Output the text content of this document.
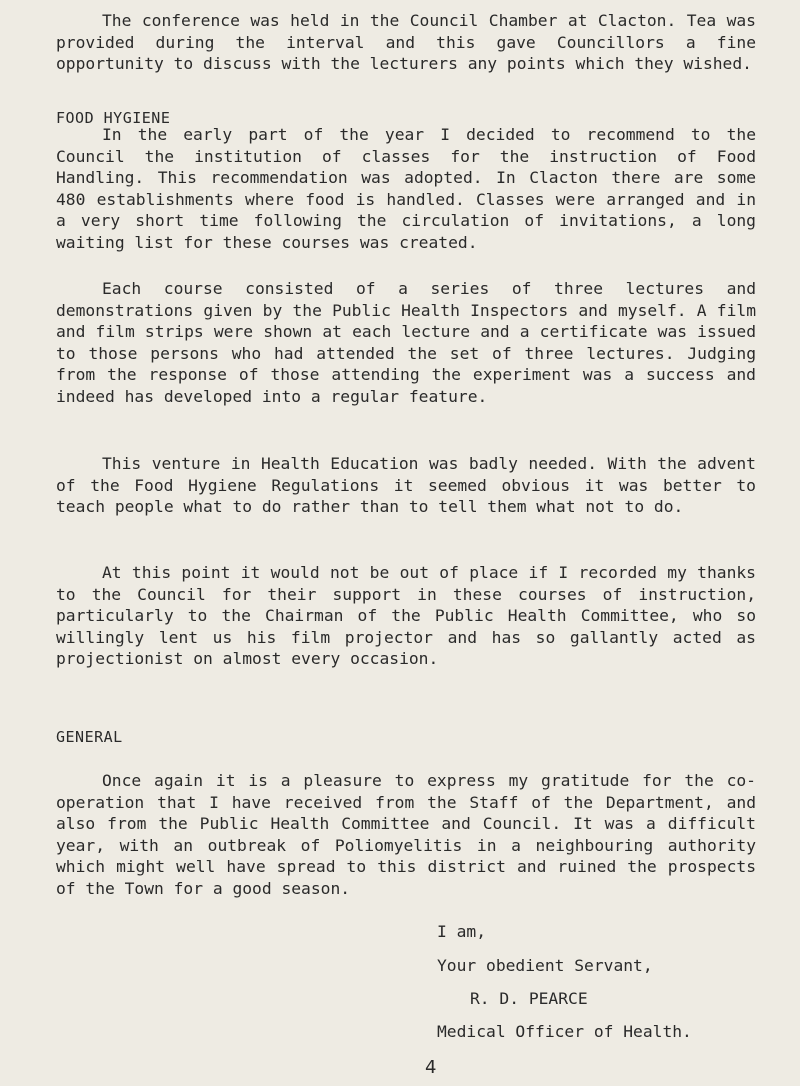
The conference was held in the Council Chamber at Clacton. Tea was provided during the interval and this gave Councillors a fine opportunity to discuss with the lecturers any points which they wished.

FOOD HYGIENE

In the early part of the year I decided to recommend to the Council the institution of classes for the instruction of Food Handling. This recommendation was adopted. In Clacton there are some 480 establishments where food is handled. Classes were arranged and in a very short time following the circulation of invitations, a long waiting list for these courses was created.

Each course consisted of a series of three lectures and demonstrations given by the Public Health Inspectors and myself. A film and film strips were shown at each lecture and a certificate was issued to those persons who had attended the set of three lectures. Judging from the response of those attending the experiment was a success and indeed has developed into a regular feature.

This venture in Health Education was badly needed. With the advent of the Food Hygiene Regulations it seemed obvious it was better to teach people what to do rather than to tell them what not to do.

At this point it would not be out of place if I recorded my thanks to the Council for their support in these courses of instruction, particularly to the Chairman of the Public Health Committee, who so willingly lent us his film projector and has so gallantly acted as projectionist on almost every occasion.

GENERAL

Once again it is a pleasure to express my gratitude for the co-operation that I have received from the Staff of the Department, and also from the Public Health Committee and Council. It was a difficult year, with an outbreak of Poliomyelitis in a neighbouring authority which might well have spread to this district and ruined the prospects of the Town for a good season.

I am,
Your obedient Servant,
R. D. PEARCE
Medical Officer of Health.
4
